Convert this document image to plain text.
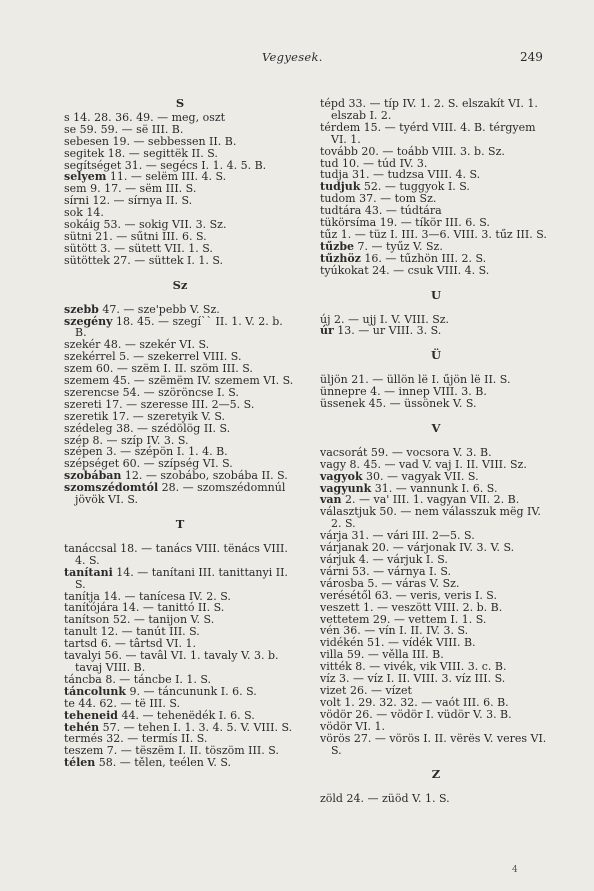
Vegyesek.	249
S
s 14. 28. 36. 49. — meg, oszt
se 59. 59. — së III. B.
sebesen 19. — sebbessen II. B.
segitek 18. — segittëk II. S.
segítséget 31. — segécs I. 1. 4. 5. B.
selyem 11. — selëm III. 4. S.
sem 9. 17. — sëm III. S.
sírni 12. — sírnya II. S.
sok 14.
sokáig 53. — sokig VII. 3. Sz.
sütni 21. — sűtni III. 6. S.
sütött 3. — sütett VII. 1. S.
sütöttek 27. — süttek I. 1. S.
Sz
szebb 47. — sze'pebb V. Sz.
szegény 18. 45. — szegí`` II. 1. V. 2. b. B.
szekér 48. — szekér VI. S.
szekérrel 5. — szekerrel VIII. S.
szem 60. — szëm I. II. szöm III. S.
szemem 45. — szëmëm IV. szemem VI. S.
szerencse 54. — szöröncse I. S.
szereti 17. — szeresse III. 2—5. S.
szeretik 17. — szeretyik V. S.
szédeleg 38. — szédölög II. S.
szép 8. — szíp IV. 3. S.
szépen 3. — szépön I. 1. 4. B.
szépséget 60. — szípség VI. S.
szobában 12. — szobábo, szobába II. S.
szomszédomtól 28. — szomszédomnúl jövök VI. S.
T
tanáccsal 18. — tanács VIII. tënács VIII. 4. S.
tanítani 14. — tanítani III. tanittanyi II. S.
tanítja 14. — tanícesa IV. 2. S.
tanítójára 14. — tanittó II. S.
tanítson 52. — tanijon V. S.
tanult 12. — tanút III. S.
tartsd 6. — târtsd VI. 1.
tavalyi 56. — tavâl VI. 1. tavaly V. 3. b. tavaj VIII. B.
táncba 8. — táncbe I. 1. S.
táncolunk 9. — táncununk I. 6. S.
te 44. 62. — të III. S.
teheneid 44. — tehenëdék I. 6. S.
tehén 57. — tehen I. 1. 3. 4. 5. V. VIII. S.
termés 32. — termís II. S.
teszem 7. — tëszëm I. II. töszöm III. S.
télen 58. — tělen, teélen V. S.
tépd 33. — típ IV. 1. 2. S. elszakít VI. 1. elszab I. 2.
térdem 15. — tyérd VIII. 4. B. térgyem VI. 1.
tovább 20. — toább VIII. 3. b. Sz.
tud 10. — túd IV. 3.
tudja 31. — tudzsa VIII. 4. S.
tudjuk 52. — tuggyok I. S.
tudom 37. — tom Sz.
tudtára 43. — túdtára
tükörsíma 19. — tíkör III. 6. S.
tűz 1. — tüz I. III. 3—6. VIII. 3. tűz III. S.
tűzbe 7. — tyűz V. Sz.
tűzhöz 16. — tűzhön III. 2. S.
tyúkokat 24. — csuk VIII. 4. S.
U
új 2. — ujj I. V. VIII. Sz.
úr 13. — ur VIII. 3. S.
Ü
üljön 21. — üllön lë I. űjön lë II. S.
ünnepre 4. — innep VIII. 3. B.
üssenek 45. — üssönek V. S.
V
vacsorát 59. — vocsora V. 3. B.
vagy 8. 45. — vad V. vaj I. II. VIII. Sz.
vagyok 30. — vagyak VII. S.
vagyunk 31. — vannunk I. 6. S.
van 2. — va' III. 1. vagyan VII. 2. B.
választjuk 50. — nem válasszuk mëg IV. 2. S.
várja 31. — vári III. 2—5. S.
várjanak 20. — várjonak IV. 3. V. S.
várjuk 4. — várjuk I. S.
várni 53. — várnya I. S.
városba 5. — váras V. Sz.
verésétől 63. — veris, veris I. S.
veszett 1. — veszött VIII. 2. b. B.
vettetem 29. — vettem I. 1. S.
vén 36. — vín I. II. IV. 3. S.
vidékén 51. — vídék VIII. B.
villa 59. — vělla III. B.
vitték 8. — vivék, vik VIII. 3. c. B.
víz 3. — víz I. II. VIII. 3. víz III. S.
vizet 26. — vízet
volt 1. 29. 32. 32. — vaót III. 6. B.
vödör 26. — vödör I. vüdör V. 3. B.
vödör VI. 1.
vörös 27. — vörös I. II. vërës V. veres VI. S.
Z
zöld 24. — züöd V. 1. S.
4
